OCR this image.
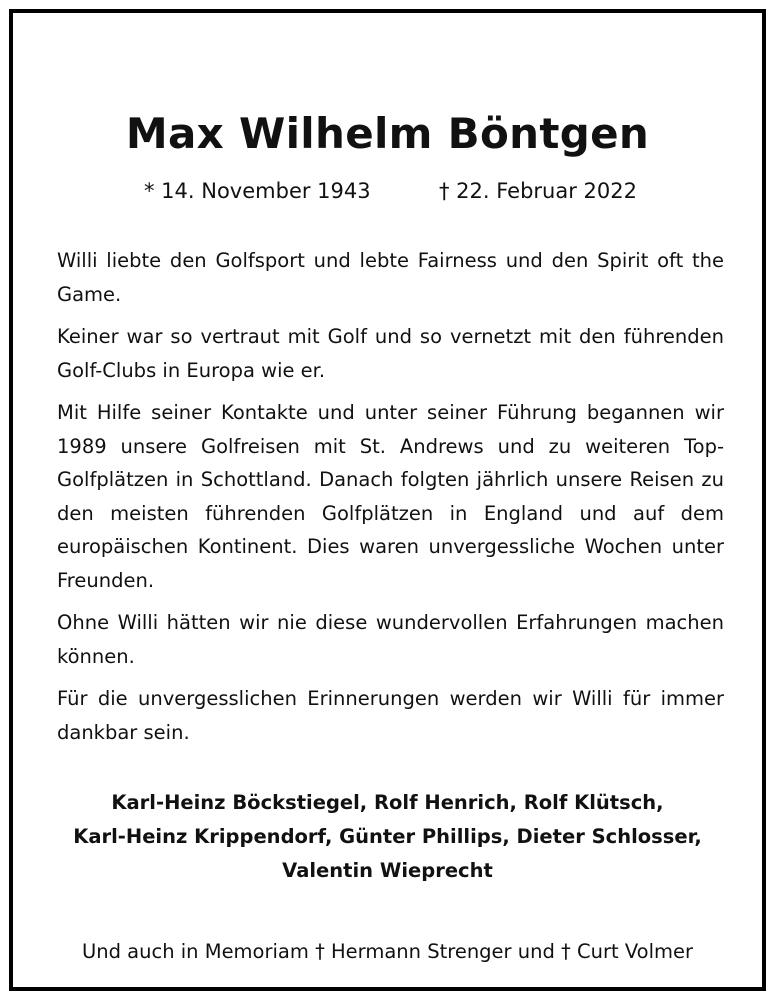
Max Wilhelm Böntgen
* 14. November 1943	† 22. Februar 2022

Willi liebte den Golfsport und lebte Fairness und den Spirit oft the Game.

Keiner war so vertraut mit Golf und so vernetzt mit den führenden Golf-Clubs in Europa wie er.

Mit Hilfe seiner Kontakte und unter seiner Führung begannen wir 1989 unsere Golfreisen mit St. Andrews und zu weiteren Top-Golfplätzen in Schottland. Danach folgten jährlich unsere Reisen zu den meisten führenden Golfplätzen in England und auf dem europäischen Kontinent. Dies waren unvergessliche Wochen unter Freunden.

Ohne Willi hätten wir nie diese wundervollen Erfahrungen machen können.

Für die unvergesslichen Erinnerungen werden wir Willi für immer dankbar sein.

Karl-Heinz Böckstiegel, Rolf Henrich, Rolf Klütsch,
Karl-Heinz Krippendorf, Günter Phillips, Dieter Schlosser,
Valentin Wieprecht
Und auch in Memoriam † Hermann Strenger und † Curt Volmer
